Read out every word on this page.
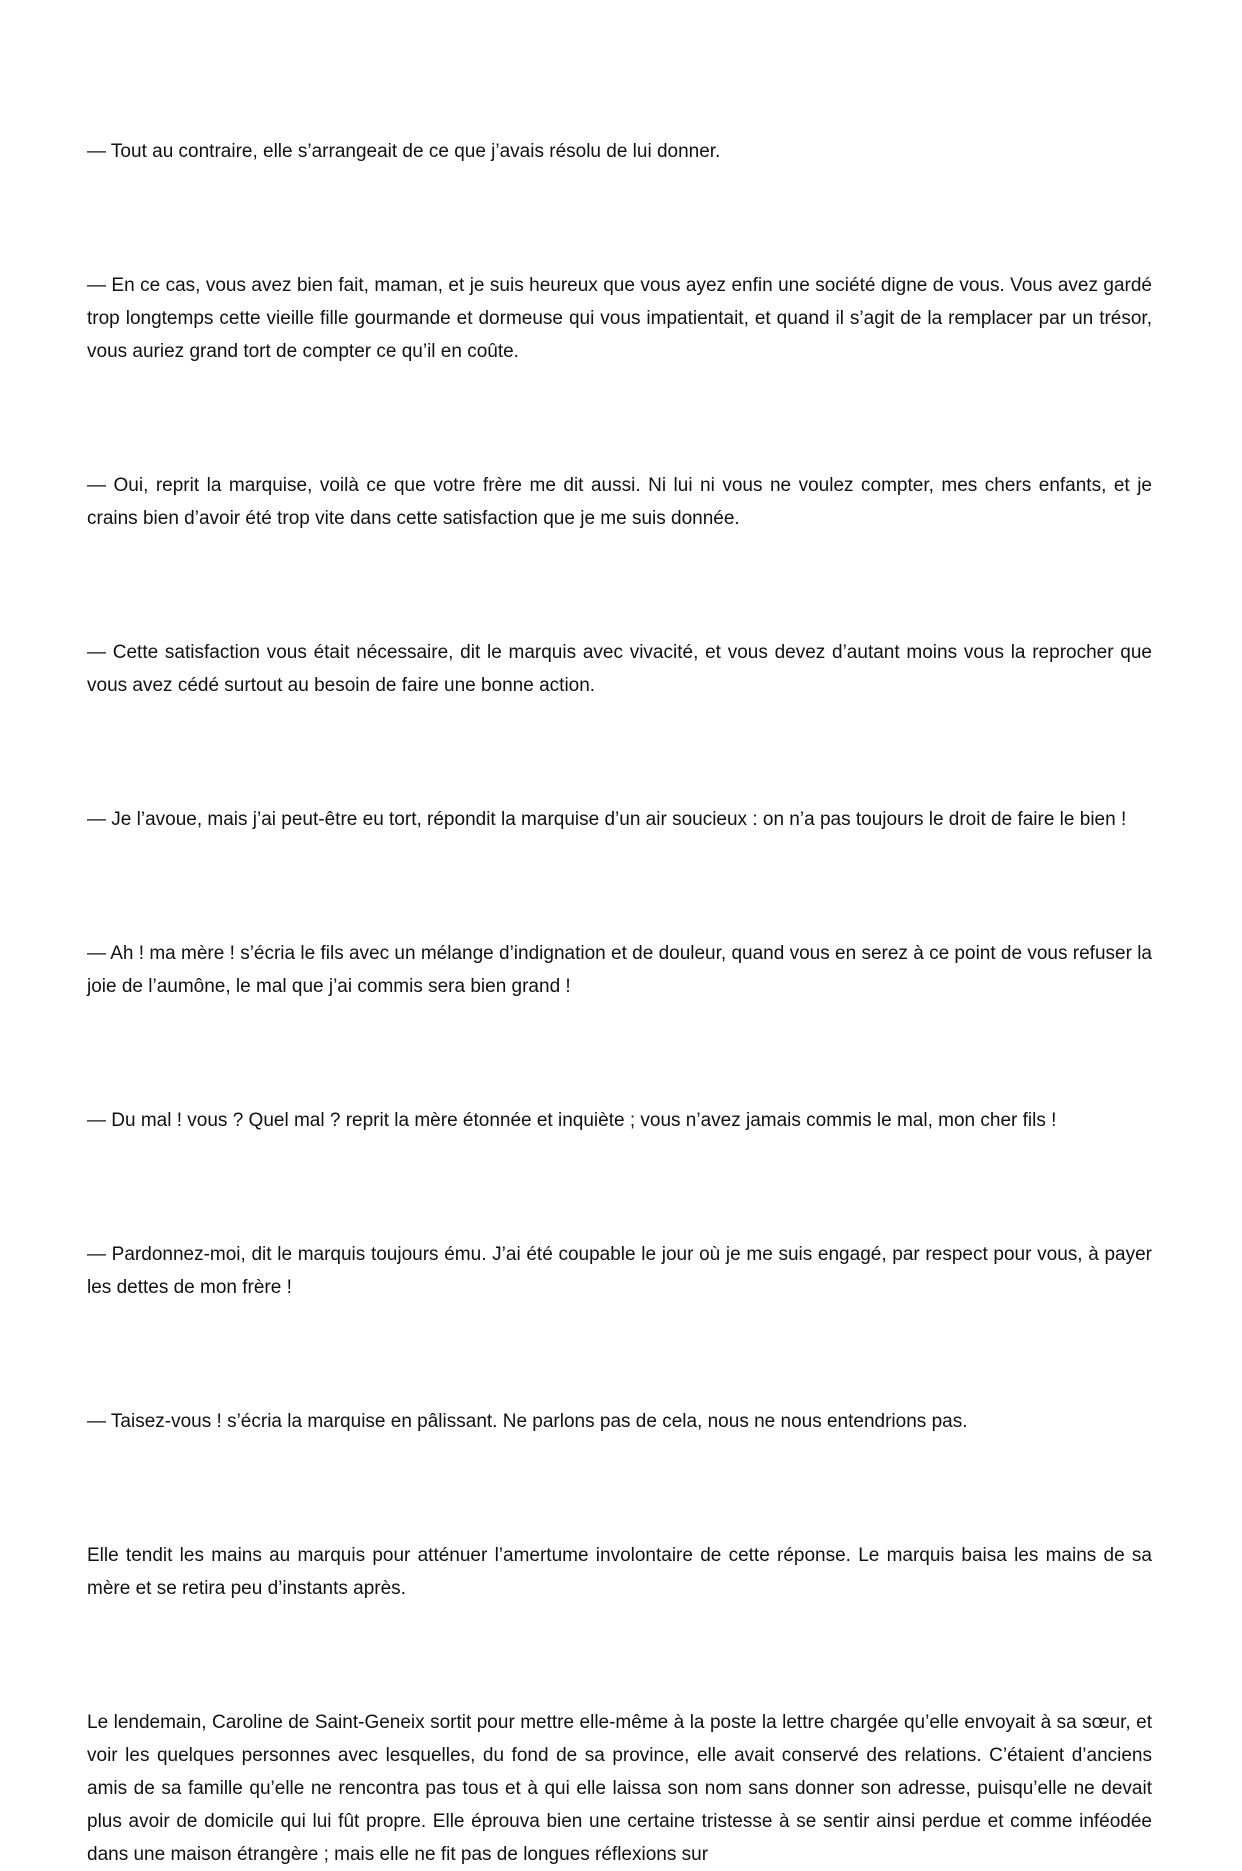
— Tout au contraire, elle s’arrangeait de ce que j’avais résolu de lui donner.

— En ce cas, vous avez bien fait, maman, et je suis heureux que vous ayez enfin une société digne de vous. Vous avez gardé trop longtemps cette vieille fille gourmande et dormeuse qui vous impatientait, et quand il s’agit de la remplacer par un trésor, vous auriez grand tort de compter ce qu’il en coûte.

— Oui, reprit la marquise, voilà ce que votre frère me dit aussi. Ni lui ni vous ne voulez compter, mes chers enfants, et je crains bien d’avoir été trop vite dans cette satisfaction que je me suis donnée.

— Cette satisfaction vous était nécessaire, dit le marquis avec vivacité, et vous devez d’autant moins vous la reprocher que vous avez cédé surtout au besoin de faire une bonne action.

— Je l’avoue, mais j’ai peut-être eu tort, répondit la marquise d’un air soucieux : on n’a pas toujours le droit de faire le bien !

— Ah ! ma mère ! s’écria le fils avec un mélange d’indignation et de douleur, quand vous en serez à ce point de vous refuser la joie de l’aumône, le mal que j’ai commis sera bien grand !

— Du mal ! vous ? Quel mal ? reprit la mère étonnée et inquiète ; vous n’avez jamais commis le mal, mon cher fils !

— Pardonnez-moi, dit le marquis toujours ému. J’ai été coupable le jour où je me suis engagé, par respect pour vous, à payer les dettes de mon frère !

— Taisez-vous ! s’écria la marquise en pâlissant. Ne parlons pas de cela, nous ne nous entendrions pas.

Elle tendit les mains au marquis pour atténuer l’amertume involontaire de cette réponse. Le marquis baisa les mains de sa mère et se retira peu d’instants après.

Le lendemain, Caroline de Saint-Geneix sortit pour mettre elle-même à la poste la lettre chargée qu’elle envoyait à sa sœur, et voir les quelques personnes avec lesquelles, du fond de sa province, elle avait conservé des relations. C’étaient d’anciens amis de sa famille qu’elle ne rencontra pas tous et à qui elle laissa son nom sans donner son adresse, puisqu’elle ne devait plus avoir de domicile qui lui fût propre. Elle éprouva bien une certaine tristesse à se sentir ainsi perdue et comme inféodée dans une maison étrangère ; mais elle ne fit pas de longues réflexions sur
